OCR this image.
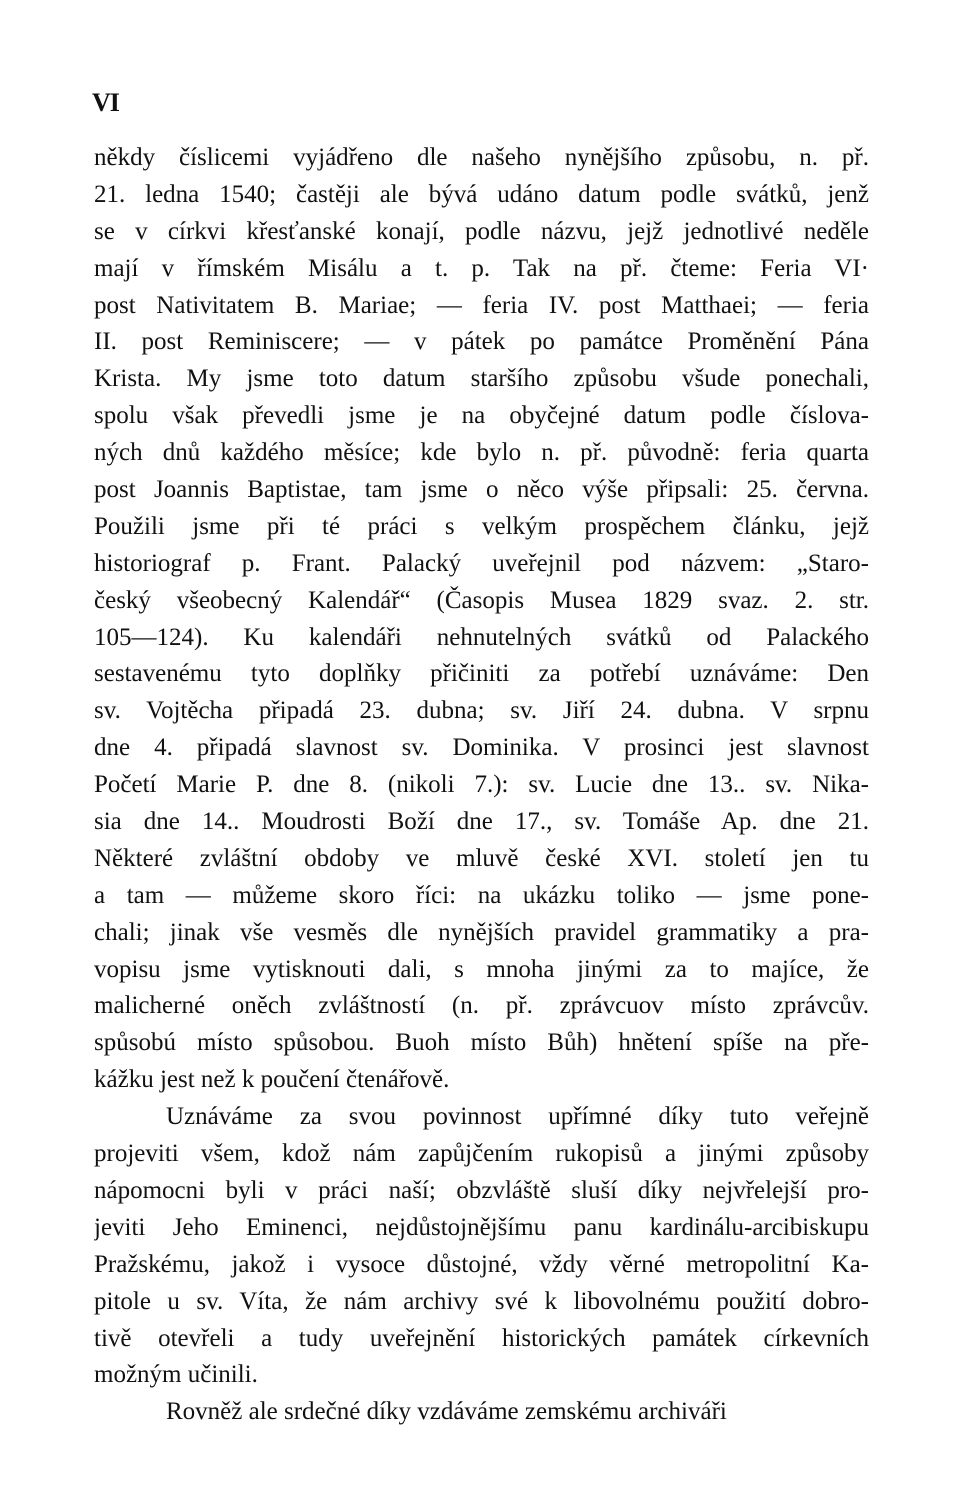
VI
někdy číslicemi vyjádřeno dle našeho nynějšího způsobu, n. př.
21. ledna 1540; častěji ale bývá udáno datum podle svátků, jenž
se v církvi křesťanské konají, podle názvu, jejž jednotlivé neděle
mají v římském Misálu a t. p. Tak na př. čteme: Feria VI·
post Nativitatem B. Mariae; — feria IV. post Matthaei; — feria
II. post Reminiscere; — v pátek po památce Proměnění Pána
Krista. My jsme toto datum staršího způsobu všude ponechali,
spolu však převedli jsme je na obyčejné datum podle číslova-
ných dnů každého měsíce; kde bylo n. př. původně: feria quarta
post Joannis Baptistae, tam jsme o něco výše připsali: 25. června.
Použili jsme při té práci s velkým prospěchem článku, jejž
historiograf p. Frant. Palacký uveřejnil pod názvem: „Staro-
český všeobecný Kalendář“ (Časopis Musea 1829 svaz. 2. str.
105—124). Ku kalendáři nehnutelných svátků od Palackého
sestavenému tyto doplňky přičiniti za potřebí uznáváme: Den
sv. Vojtěcha připadá 23. dubna; sv. Jiří 24. dubna. V srpnu
dne 4. připadá slavnost sv. Dominika. V prosinci jest slavnost
Početí Marie P. dne 8. (nikoli 7.): sv. Lucie dne 13.. sv. Nika-
sia dne 14.. Moudrosti Boží dne 17., sv. Tomáše Ap. dne 21.
Některé zvláštní obdoby ve mluvě české XVI. století jen tu
a tam — můžeme skoro říci: na ukázku toliko — jsme pone-
chali; jinak vše vesměs dle nynějších pravidel grammatiky a pra-
vopisu jsme vytisknouti dali, s mnoha jinými za to majíce, že
malicherné oněch zvláštností (n. př. zprávcuov místo zprávcův.
spůsobú místo spůsobou. Buoh místo Bůh) hnětení spíše na pře-
kážku jest než k poučení čtenářově.
Uznáváme za svou povinnost upřímné díky tuto veřejně
projeviti všem, kdož nám zapůjčením rukopisů a jinými způsoby
nápomocni byli v práci naší; obzvláště sluší díky nejvřelejší pro-
jeviti Jeho Eminenci, nejdůstojnějšímu panu kardinálu-arcibiskupu
Pražskému, jakož i vysoce důstojné, vždy věrné metropolitní Ka-
pitole u sv. Víta, že nám archivy své k libovolnému použití dobro-
tivě otevřeli a tudy uveřejnění historických památek církevních
možným učinili.
Rovněž ale srdečné díky vzdáváme zemskému archiváři
